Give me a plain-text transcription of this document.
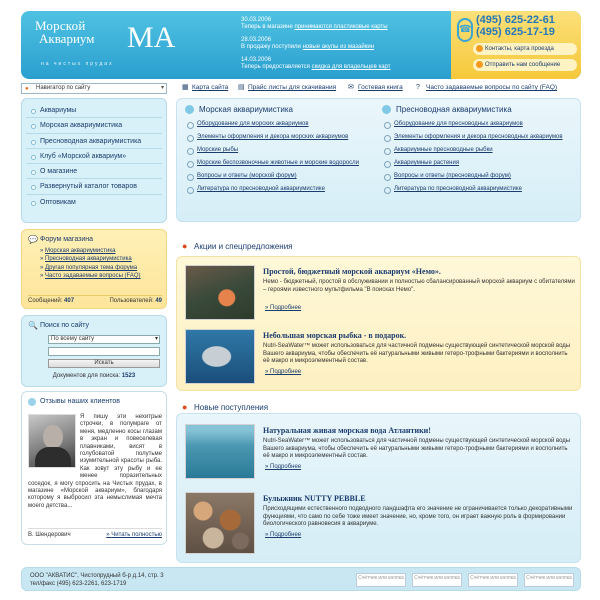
Морской
Аквариум MA
на чистых прудах
30.03.2006
Теперь в магазине принимаются пластиковые карты
28.03.2006
В продажу поступили новые акулы из мазайкин
14.03.2006
Теперь предоставляется скидка для владельцев карт
☎
(495) 625-22-61
(495) 625-17-19
Контакты, карта проезда
Отправить нам сообщение
● Навигатор по сайту	▾	▦ Карта сайта ▤ Прайс листы для скачивания ✉ Гостевая книга ? Часто задаваемые вопросы по сайту (FAQ)
Аквариумы
Морская аквариумистика
Пресноводная аквариумистика
Клуб «Морской аквариум»
О магазине
Развернутый каталог товаров
Оптовикам
💬 Форум магазина
» Морская аквариумистика
» Пресноводная аквариумистика
» Другая популярная тема форума
» Часто задаваемые вопросы (FAQ)
Сообщений: 407	Пользователей: 49
🔍 Поиск по сайту
По всему сайту	▾
Искать
Документов для поиска: 1523
Отзывы наших клиентов
Я пишу эти нехитрые строчки, в полумраге от меня, медленно косы глазам в экран и повеселевая плавниками, висят в голубоватой полутьме изумительной красоты рыба. Как зовут эту рыбу и ее менее поразительных соседок, я могу спросить на Чистых прудах, в магазине «Морской аквариум», благодаря которому я выбросил эта немыслимая мечта моего детства...
В. Шендерович	» Читать полностью
Морская аквариумистика
Оборудование для морских аквариумов
Элементы оформления и декора морских аквариумов
Морские рыбы
Морские беспозвоночные животные и морские водоросли
Вопросы и ответы (морской форум)
Литература по пресноводной аквариумистике
Пресноводная аквариумистика
Оборудование для пресноводных аквариумов
Элементы оформления и декора пресноводных аквариумов
Аквариумные пресноводные рыбки
Аквариумные растения
Вопросы и ответы (пресноводный форум)
Литература по пресноводной аквариумистике
● Акции и спецпредложения
Простой, бюджетный морской аквариум «Немо».
Немо - бюджетный, простой в обслуживании и полностью сбалансированный морской аквариум с обитателями – героями известного мультфильма "В поисках Немо".
» Подробнее
Небольшая морская рыбка - в подарок.
Nutri-SeaWater™ может использоваться для частичной подмены существующей синтетической морской воды Вашего аквариума, чтобы обеспечить её натуральными живыми гетеро-трофными бактериями и восполнить её макро и микроэлементный состав.
» Подробнее
● Новые поступления
Натуральная живая морская вода Атлантики!
Nutri-SeaWater™ может использоваться для частичной подмены существующей синтетической морской воды Вашего аквариума, чтобы обеспечить её натуральными живыми гетеро-трофными бактериями и восполнить её макро и микроэлементный состав.
» Подробнее
Булыжник NUTTY PEBBLE
Присходящими естественного подводного ландшафта его значение не ограничивается только декоративными функциями, что само по себе тоже имеет значение, но, кроме того, он играет важную роль в формировании биологического равновесия в аквариуме.
» Подробнее
ООО "АКВАТИС", Чистопрудный б-р д.14, стр. 3
тел/факс (495) 623-2261, 623-1719
Счётчик или кнопка	Счётчик или кнопка	Счётчик или кнопка	Счётчик или кнопка
